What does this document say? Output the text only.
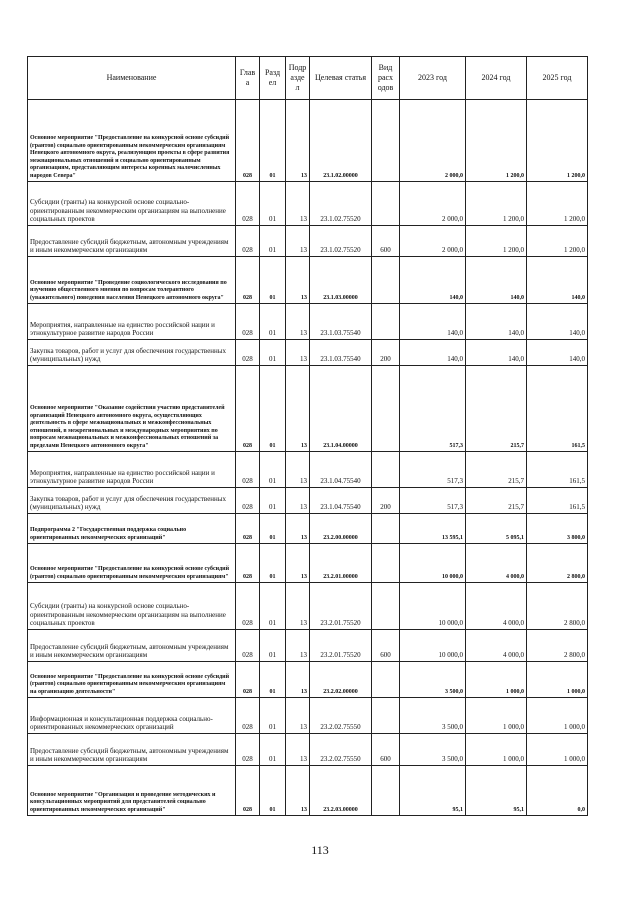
Наименование	Глав а	Разд ел	Подр азде л	Целевая статья	Вид расх одов	2023 год	2024 год	2025 год
Основное мероприятие "Предоставление на конкурсной основе субсидий (грантов) социально ориентированным некоммерческим организациям Ненецкого автономного округа, реализующим проекты в сфере развития межнациональных отношений и социально ориентированным организациям, представляющим интересы коренных малочисленных народов Севера"	028	01	13	23.1.02.00000		2 000,0	1 200,0	1 200,0
Субсидии (гранты) на конкурсной основе социально-ориентированным некоммерческим организациям на выполнение социальных проектов	028	01	13	23.1.02.75520		2 000,0	1 200,0	1 200,0
Предоставление субсидий бюджетным, автономным учреждениям и иным некоммерческим организациям	028	01	13	23.1.02.75520	600	2 000,0	1 200,0	1 200,0
Основное мероприятие "Проведение социологического исследования по изучению общественного мнения по вопросам толерантного (уважительного) поведения населения Ненецкого автономного округа"	028	01	13	23.1.03.00000		140,0	140,0	140,0
Мероприятия, направленные на единство российской нации и этнокультурное развитие народов России	028	01	13	23.1.03.75540		140,0	140,0	140,0
Закупка товаров, работ и услуг для обеспечения государственных (муниципальных) нужд	028	01	13	23.1.03.75540	200	140,0	140,0	140,0
Основное мероприятие "Оказание содействия участию представителей организаций Ненецкого автономного округа, осуществляющих деятельность в сфере межнациональных и межконфессиональных отношений, в межрегиональных и международных мероприятиях по вопросам межнациональных и межконфессиональных отношений за пределами Ненецкого автономного округа"	028	01	13	23.1.04.00000		517,3	215,7	161,5
Мероприятия, направленные на единство российской нации и этнокультурное развитие народов России	028	01	13	23.1.04.75540		517,3	215,7	161,5
Закупка товаров, работ и услуг для обеспечения государственных (муниципальных) нужд	028	01	13	23.1.04.75540	200	517,3	215,7	161,5
Подпрограмма 2 "Государственная поддержка социально ориентированных некоммерческих организаций"	028	01	13	23.2.00.00000		13 595,1	5 095,1	3 800,0
Основное мероприятие "Предоставление на конкурсной основе субсидий (грантов) социально ориентированным некоммерческим организациям"	028	01	13	23.2.01.00000		10 000,0	4 000,0	2 800,0
Субсидии (гранты) на конкурсной основе социально-ориентированным некоммерческим организациям на выполнение социальных проектов	028	01	13	23.2.01.75520		10 000,0	4 000,0	2 800,0
Предоставление субсидий бюджетным, автономным учреждениям и иным некоммерческим организациям	028	01	13	23.2.01.75520	600	10 000,0	4 000,0	2 800,0
Основное мероприятие "Предоставление на конкурсной основе субсидий (грантов) социально ориентированным некоммерческим организациям на организацию деятельности"	028	01	13	23.2.02.00000		3 500,0	1 000,0	1 000,0
Информационная и консультационная поддержка социально-ориентированных некоммерческих организаций	028	01	13	23.2.02.75550		3 500,0	1 000,0	1 000,0
Предоставление субсидий бюджетным, автономным учреждениям и иным некоммерческим организациям	028	01	13	23.2.02.75550	600	3 500,0	1 000,0	1 000,0
Основное мероприятие "Организация и проведение методических и консультационных мероприятий для представителей социально ориентированных некоммерческих организаций"	028	01	13	23.2.03.00000		95,1	95,1	0,0
113
